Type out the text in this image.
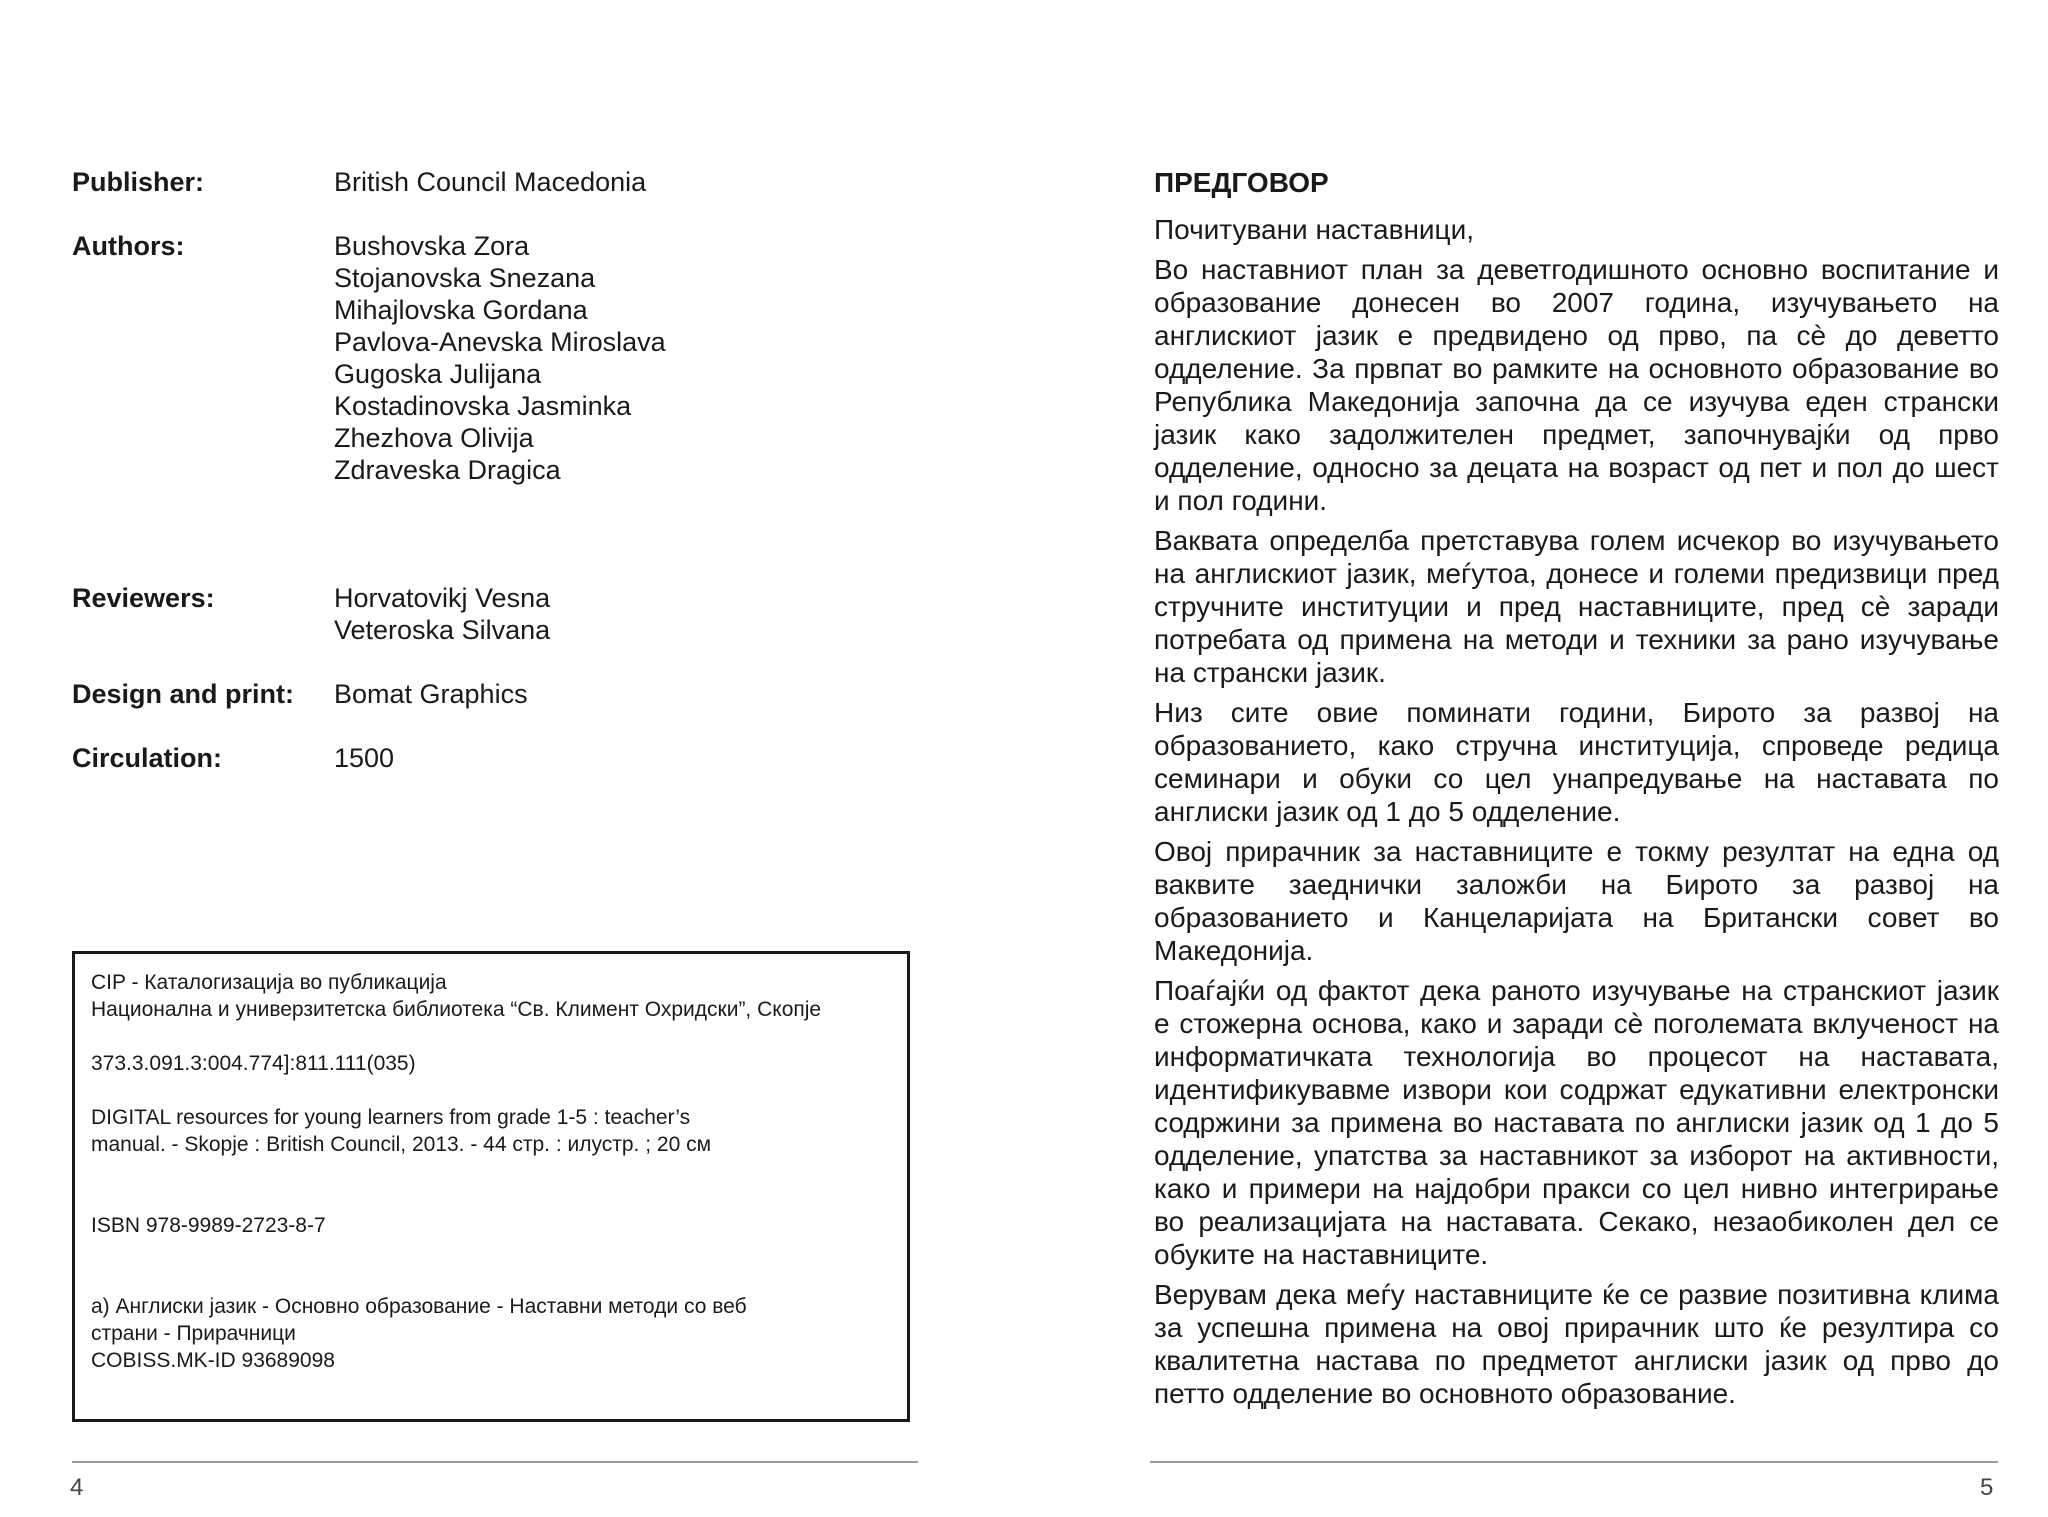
Publisher:	British Council Macedonia
Authors:	Bushovska Zora
Stojanovska Snezana
Mihajlovska Gordana
Pavlova-Anevska Miroslava
Gugoska Julijana
Kostadinovska Jasminka
Zhezhova Olivija
Zdraveska Dragica
Reviewers:	Horvatovikj Vesna
Veteroska Silvana
Design and print: Bomat Graphics
Circulation:	1500
CIP - Каталогизација во публикација
Национална и универзитетска библиотека “Св. Климент Охридски”, Скопје
373.3.091.3:004.774]:811.111(035)
DIGITAL resources for young learners from grade 1-5 : teacher’s
manual. - Skopje : British Council, 2013. - 44 стр. : илустр. ; 20 см
ISBN 978-9989-2723-8-7
а) Англиски јазик - Основно образование - Наставни методи со веб
страни - Прирачници
COBISS.MK-ID 93689098
4
ПРЕДГОВОР
Почитувани наставници,
Во наставниот план за деветгодишното основно воспитание и образование донесен во 2007 година, изучувањето на англискиот јазик е предвидено од прво, па сè до деветто одделение. За првпат во рамките на основното образование во Република Македонија започна да се изучува еден странски јазик како задолжителен предмет, започнувајќи од прво одделение, односно за децата на возраст од пет и пол до шест и пол години.
Ваквата определба претставува голем исчекор во изучувањето на англискиот јазик, меѓутоа, донесе и големи предизвици пред стручните институции и пред наставниците, пред сè заради потребата од примена на методи и техники за рано изучување на странски јазик.
Низ сите овие поминати години, Бирото за развој на образованието, како стручна институција, спроведе редица семинари и обуки со цел унапредување на наставата по англиски јазик од 1 до 5 одделение.
Овој прирачник за наставниците е токму резултат на една од ваквите заеднички заложби на Бирото за развој на образованието и Канцеларијата на Британски совет во Македонија.
Поаѓајќи од фактот дека раното изучување на странскиот јазик е стожерна основа, како и заради сè поголемата вклученост на информатичката технологија во процесот на наставата, идентификувавме извори кои содржат едукативни електронски содржини за примена во наставата по англиски јазик од 1 до 5 одделение, упатства за наставникот за изборот на активности, како и примери на најдобри пракси со цел нивно интегрирање во реализацијата на наставата. Секако, незаобиколен дел се обуките на наставниците.
Верувам дека меѓу наставниците ќе се развие позитивна клима за успешна примена на овој прирачник што ќе резултира со квалитетна настава по предметот англиски јазик од прво до петто одделение во основното образование.
5
